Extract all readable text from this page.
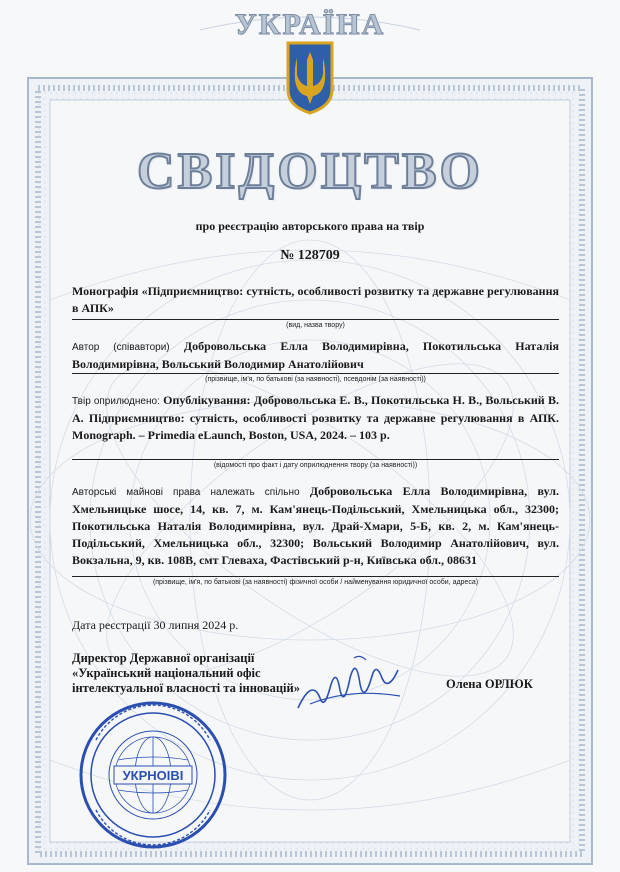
УКРАЇНА
СВІДОЦТВО
про реєстрацію авторського права на твір
№ 128709
Монографія «Підприємництво: сутність, особливості розвитку та державне регулювання в АПК»
(вид, назва твору)
Автор (співавтори) Добровольська Елла Володимирівна, Покотильська Наталія Володимирівна, Вольський Володимир Анатолійович
(прізвище, ім'я, по батькові (за наявності), псевдонім (за наявності))
Твір оприлюднено: Опублікування: Добровольська Е. В., Покотильська Н. В., Вольський В. А. Підприємництво: сутність, особливості розвитку та державне регулювання в АПК. Monograph. – Primedia eLaunch, Boston, USA, 2024. – 103 р.
(відомості про факт і дату оприлюднення твору (за наявності))
Авторські майнові права належать спільно Добровольська Елла Володимирівна, вул. Хмельницьке шосе, 14, кв. 7, м. Кам'янець-Подільський, Хмельницька обл., 32300; Покотильська Наталія Володимирівна, вул. Драй-Хмари, 5-Б, кв. 2, м. Кам'янець-Подільський, Хмельницька обл., 32300; Вольський Володимир Анатолійович, вул. Вокзальна, 9, кв. 108В, смт Глеваха, Фастівський р-н, Київська обл., 08631
(прізвище, ім'я, по батькові (за наявності) фізичної особи / найменування юридичної особи, адреса)
Дата реєстрації 30 липня 2024 р.
Директор Державної організації «Український національний офіс інтелектуальної власності та інновацій»	Олена ОРЛЮК
УКРНОІВІ
